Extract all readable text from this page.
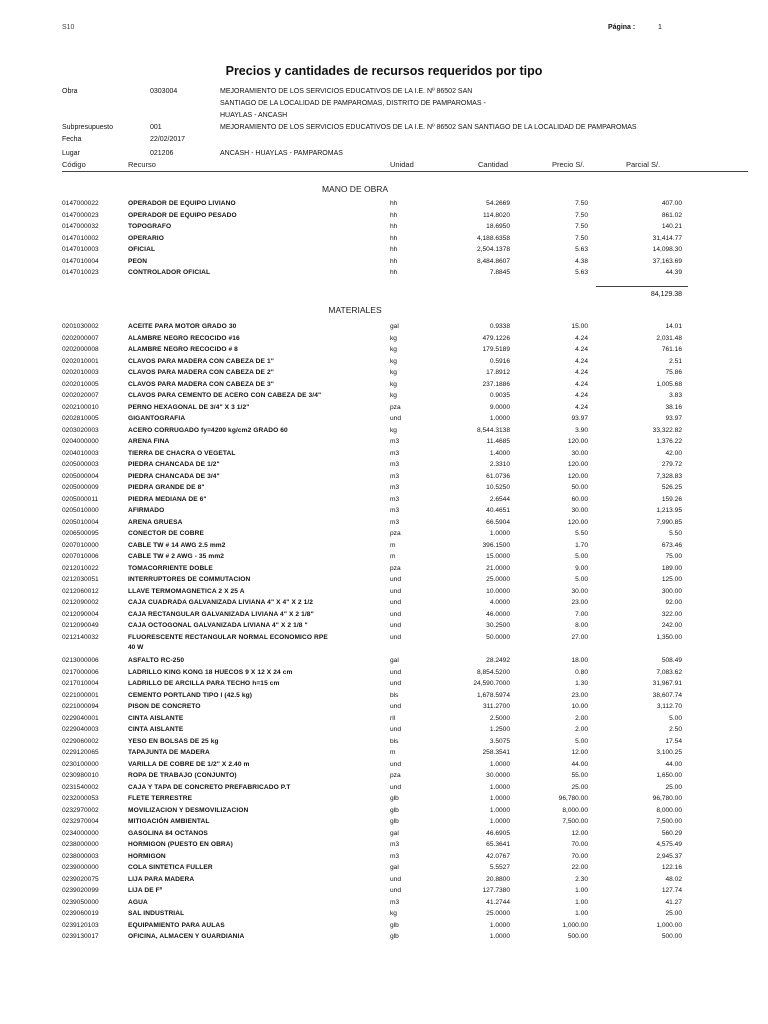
S10	Página :	1
Precios y cantidades de recursos requeridos por tipo
Obra	0303004	MEJORAMIENTO DE LOS SERVICIOS EDUCATIVOS DE LA I.E. Nº 86502 SAN
SANTIAGO DE LA LOCALIDAD DE PAMPAROMAS, DISTRITO DE PAMPAROMAS -
HUAYLAS - ANCASH
Subpresupuesto	001	MEJORAMIENTO DE LOS SERVICIOS EDUCATIVOS DE LA I.E. Nº 86502 SAN SANTIAGO DE LA LOCALIDAD DE PAMPAROMAS
Fecha	22/02/2017
Lugar	021206	ANCASH - HUAYLAS - PAMPAROMAS
Código	Recurso	Unidad	Cantidad	Precio S/.	Parcial S/.
MANO DE OBRA
0147000022	OPERADOR DE EQUIPO LIVIANO	hh	54.2669	7.50	407.00
0147000023	OPERADOR DE EQUIPO PESADO	hh	114.8020	7.50	861.02
0147000032	TOPOGRAFO	hh	18.6950	7.50	140.21
0147010002	OPERARIO	hh	4,188.6358	7.50	31,414.77
0147010003	OFICIAL	hh	2,504.1378	5.63	14,098.30
0147010004	PEON	hh	8,484.8607	4.38	37,163.69
0147010023	CONTROLADOR OFICIAL	hh	7.8845	5.63	44.39
84,129.38
MATERIALES
0201030002	ACEITE PARA MOTOR GRADO 30	gal	0.9338	15.00	14.01
0202000007	ALAMBRE NEGRO RECOCIDO #16	kg	479.1226	4.24	2,031.48
0202000008	ALAMBRE NEGRO RECOCIDO # 8	kg	179.5189	4.24	761.16
0202010001	CLAVOS PARA MADERA CON CABEZA DE 1"	kg	0.5916	4.24	2.51
0202010003	CLAVOS PARA MADERA CON CABEZA DE 2"	kg	17.8912	4.24	75.86
0202010005	CLAVOS PARA MADERA CON CABEZA DE 3"	kg	237.1886	4.24	1,005.68
0202020007	CLAVOS PARA CEMENTO DE ACERO CON CABEZA DE 3/4"	kg	0.9035	4.24	3.83
0202100010	PERNO HEXAGONAL DE 3/4" X 3 1/2"	pza	9.0000	4.24	38.16
0202810005	GIGANTOGRAFIA	und	1.0000	93.97	93.97
0203020003	ACERO CORRUGADO fy=4200 kg/cm2 GRADO 60	kg	8,544.3138	3.90	33,322.82
0204000000	ARENA FINA	m3	11.4685	120.00	1,376.22
0204010003	TIERRA DE CHACRA O VEGETAL	m3	1.4000	30.00	42.00
0205000003	PIEDRA CHANCADA DE 1/2"	m3	2.3310	120.00	279.72
0205000004	PIEDRA CHANCADA DE 3/4"	m3	61.0736	120.00	7,328.83
0205000009	PIEDRA GRANDE DE 8"	m3	10.5250	50.00	526.25
0205000011	PIEDRA MEDIANA DE 6"	m3	2.6544	60.00	159.26
0205010000	AFIRMADO	m3	40.4651	30.00	1,213.95
0205010004	ARENA GRUESA	m3	66.5904	120.00	7,990.85
0206500095	CONECTOR DE COBRE	pza	1.0000	5.50	5.50
0207010000	CABLE TW # 14 AWG 2.5 mm2	m	396.1500	1.70	673.46
0207010006	CABLE TW # 2 AWG - 35 mm2	m	15.0000	5.00	75.00
0212010022	TOMACORRIENTE DOBLE	pza	21.0000	9.00	189.00
0212030051	INTERRUPTORES DE COMMUTACION	und	25.0000	5.00	125.00
0212060012	LLAVE TERMOMAGNETICA 2 X 25 A	und	10.0000	30.00	300.00
0212090002	CAJA CUADRADA GALVANIZADA LIVIANA 4" X 4" X 2 1/2	und	4.0000	23.00	92.00
0212090004	CAJA RECTANGULAR GALVANIZADA LIVIANA 4" X 2 1/8"	und	46.0000	7.00	322.00
0212090049	CAJA OCTOGONAL GALVANIZADA LIVIANA 4" X 2 1/8 "	und	30.2500	8.00	242.00
0212140032	FLUORESCENTE RECTANGULAR NORMAL ECONOMICO RPE	und	50.0000	27.00	1,350.00
0213000006	ASFALTO RC-250	gal	28.2492	18.00	508.49
0217000006	LADRILLO KING KONG 18 HUECOS 9 X 12 X 24 cm	und	8,854.5200	0.80	7,083.62
0217010004	LADRILLO DE ARCILLA PARA TECHO h=15 cm	und	24,590.7000	1.30	31,967.91
0221000001	CEMENTO PORTLAND TIPO I (42.5 kg)	bls	1,678.5974	23.00	38,607.74
0221000094	PISON DE CONCRETO	und	311.2700	10.00	3,112.70
0229040001	CINTA AISLANTE	rll	2.5000	2.00	5.00
0229040003	CINTA AISLANTE	und	1.2500	2.00	2.50
0229060002	YESO EN BOLSAS DE 25 kg	bls	3.5075	5.00	17.54
0229120065	TAPAJUNTA DE MADERA	m	258.3541	12.00	3,100.25
0230100000	VARILLA DE COBRE DE 1/2" X 2.40 m	und	1.0000	44.00	44.00
0230980010	ROPA DE TRABAJO (CONJUNTO)	pza	30.0000	55.00	1,650.00
0231540002	CAJA Y TAPA DE CONCRETO PREFABRICADO P.T	und	1.0000	25.00	25.00
0232000053	FLETE TERRESTRE	glb	1.0000	96,780.00	96,780.00
0232970002	MOVILIZACION Y DESMOVILIZACION	glb	1.0000	8,000.00	8,000.00
0232970004	MITIGACIÓN AMBIENTAL	glb	1.0000	7,500.00	7,500.00
0234000000	GASOLINA 84 OCTANOS	gal	46.6905	12.00	560.29
0238000000	HORMIGON (PUESTO EN OBRA)	m3	65.3641	70.00	4,575.49
0238000003	HORMIGON	m3	42.0767	70.00	2,945.37
0239000000	COLA SINTETICA FULLER	gal	5.5527	22.00	122.16
0239020075	LIJA PARA MADERA	und	20.8800	2.30	48.02
0239020099	LIJA DE Fº	und	127.7380	1.00	127.74
0239050000	AGUA	m3	41.2744	1.00	41.27
0239060019	SAL INDUSTRIAL	kg	25.0000	1.00	25.00
0239120103	EQUIPAMIENTO PARA AULAS	glb	1.0000	1,000.00	1,000.00
0239130017	OFICINA, ALMACEN Y GUARDIANIA	glb	1.0000	500.00	500.00
40 W
